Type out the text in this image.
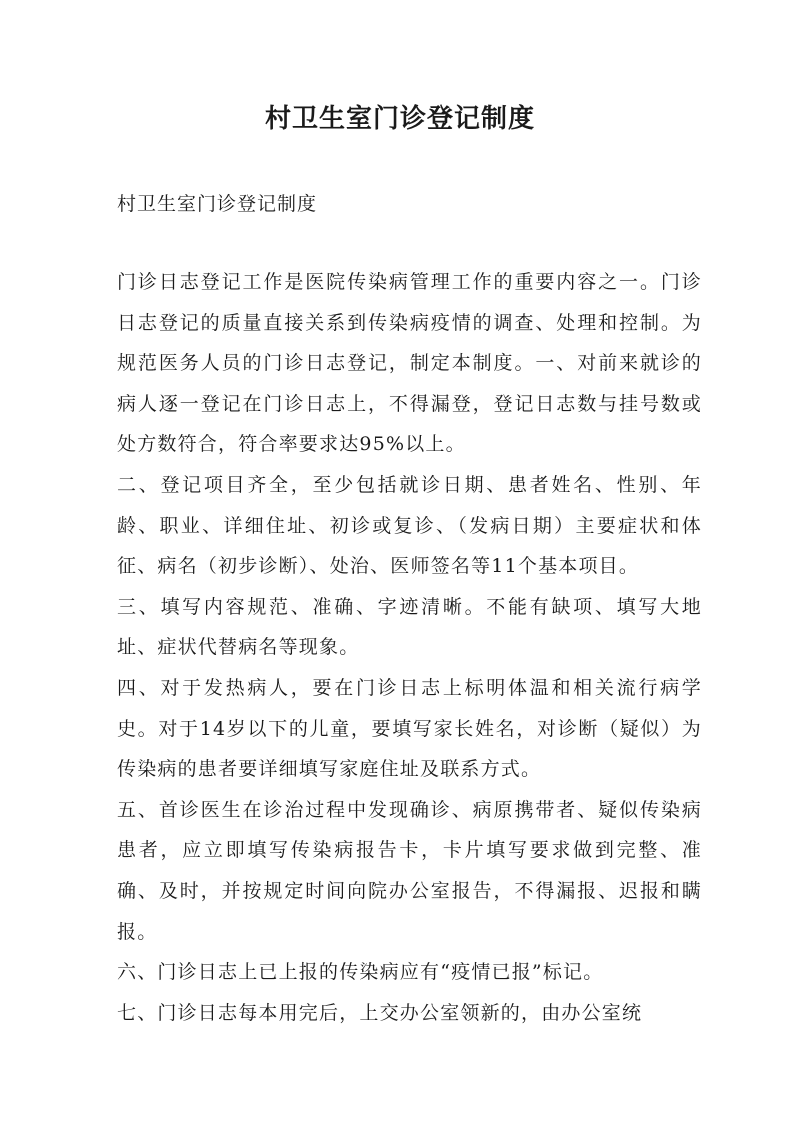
村卫生室门诊登记制度

村卫生室门诊登记制度

门诊日志登记工作是医院传染病管理工作的重要内容之一。门诊日志登记的质量直接关系到传染病疫情的调查、处理和控制。为规范医务人员的门诊日志登记，制定本制度。一、对前来就诊的病人逐一登记在门诊日志上，不得漏登，登记日志数与挂号数或处方数符合，符合率要求达95%以上。

二、登记项目齐全，至少包括就诊日期、患者姓名、性别、年龄、职业、详细住址、初诊或复诊、（发病日期）主要症状和体征、病名（初步诊断）、处治、医师签名等11个基本项目。

三、填写内容规范、准确、字迹清晰。不能有缺项、填写大地址、症状代替病名等现象。

四、对于发热病人，要在门诊日志上标明体温和相关流行病学史。对于14岁以下的儿童，要填写家长姓名，对诊断（疑似）为传染病的患者要详细填写家庭住址及联系方式。

五、首诊医生在诊治过程中发现确诊、病原携带者、疑似传染病患者，应立即填写传染病报告卡，卡片填写要求做到完整、准确、及时，并按规定时间向院办公室报告，不得漏报、迟报和瞒报。

六、门诊日志上已上报的传染病应有“疫情已报”标记。

七、门诊日志每本用完后，上交办公室领新的，由办公室统
